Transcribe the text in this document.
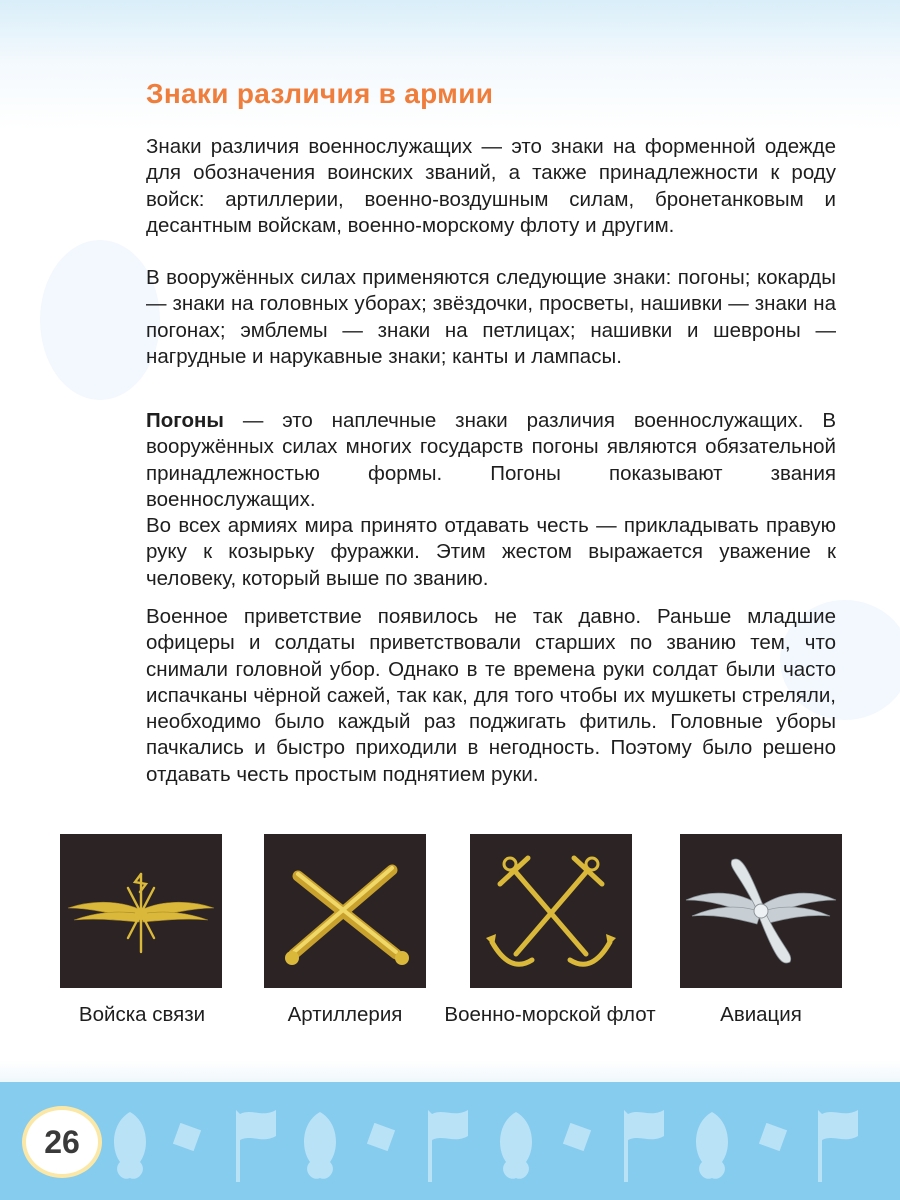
Знаки различия в армии

Знаки различия военнослужащих — это знаки на форменной одежде для обозначения воинских званий, а также принадлежности к роду войск: артиллерии, военно-воздушным силам, бронетанковым и десантным войскам, военно-морскому флоту и другим.

В вооружённых силах применяются следующие знаки: погоны; кокарды — знаки на головных уборах; звёздочки, просветы, нашивки — знаки на погонах; эмблемы — знаки на петлицах; нашивки и шевроны — нагрудные и нарукавные знаки; канты и лампасы.

Погоны — это наплечные знаки различия военнослужащих. В вооружённых силах многих государств погоны являются обязательной принадлежностью формы. Погоны показывают звания военнослужащих.

Во всех армиях мира принято отдавать честь — прикладывать правую руку к козырьку фуражки. Этим жестом выражается уважение к человеку, который выше по званию.

Военное приветствие появилось не так давно. Раньше младшие офицеры и солдаты приветствовали старших по званию тем, что снимали головной убор. Однако в те времена руки солдат были часто испачканы чёрной сажей, так как, для того чтобы их мушкеты стреляли, необходимо было каждый раз поджигать фитиль. Головные уборы пачкались и быстро приходили в негодность. Поэтому было решено отдавать честь простым поднятием руки.

Войска связи	Артиллерия	Военно-морской флот	Авиация
26
